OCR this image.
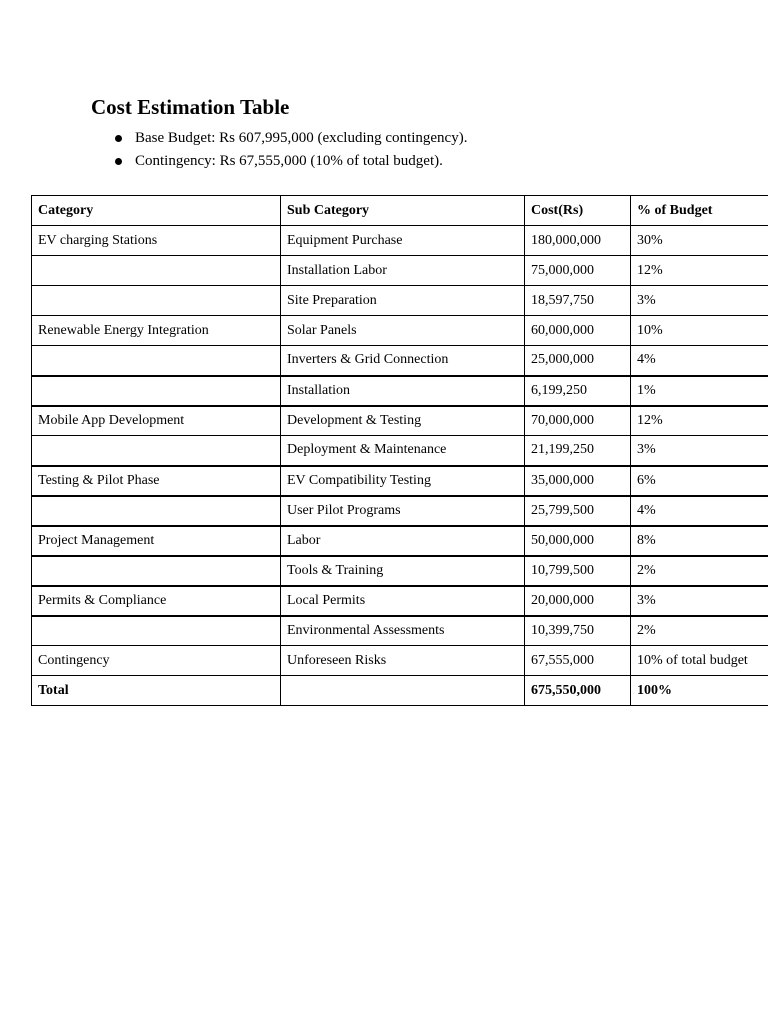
Cost Estimation Table
Base Budget: Rs 607,995,000 (excluding contingency).
Contingency: Rs 67,555,000 (10% of total budget).
Category	Sub Category	Cost(Rs)	% of Budget
EV charging Stations	Equipment Purchase	180,000,000	30%
	Installation Labor	75,000,000	12%
	Site Preparation	18,597,750	3%
Renewable Energy Integration	Solar Panels	60,000,000	10%
	Inverters & Grid Connection	25,000,000	4%
	Installation	6,199,250	1%
Mobile App Development	Development & Testing	70,000,000	12%
	Deployment & Maintenance	21,199,250	3%
Testing & Pilot Phase	EV Compatibility Testing	35,000,000	6%
	User Pilot Programs	25,799,500	4%
Project Management	Labor	50,000,000	8%
	Tools & Training	10,799,500	2%
Permits & Compliance	Local Permits	20,000,000	3%
	Environmental Assessments	10,399,750	2%
Contingency	Unforeseen Risks	67,555,000	10% of total budget
Total		675,550,000	100%
